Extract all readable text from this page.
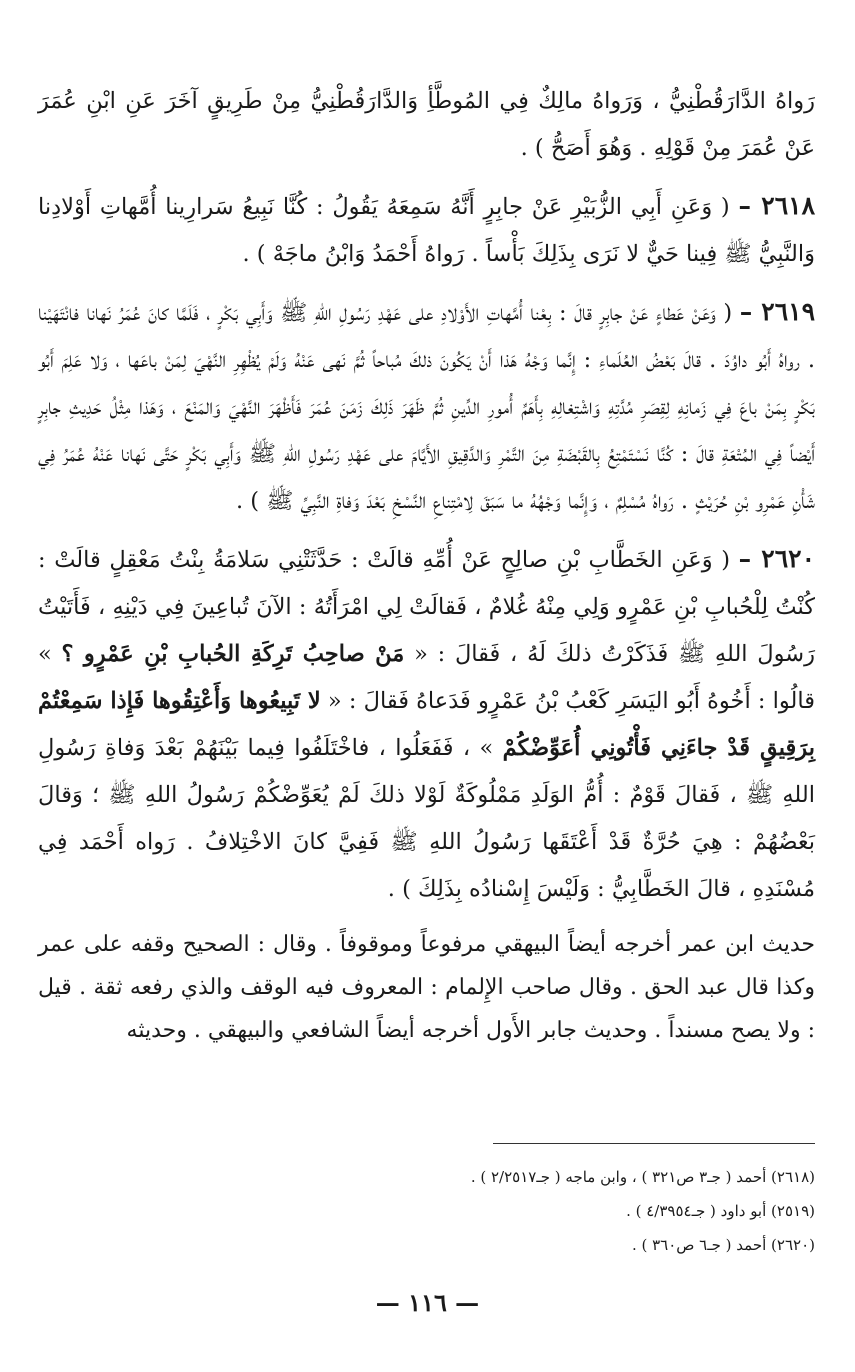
رَواهُ الدَّارَقُطْنِيُّ ، وَرَواهُ مالِكٌ فِي المُوطَّأِ وَالدَّارَقُطْنِيُّ مِنْ طَرِيقٍ آخَرَ عَنِ ابْنِ عُمَرَ عَنْ عُمَرَ مِنْ قَوْلِهِ . وَهُوَ أَصَحُّ ) .

٢٦١٨ – ( وَعَنِ أَبِي الزُّبَيْرِ عَنْ جابِرٍ أَنَّهُ سَمِعَهُ يَقُولُ : كُنَّا نَبِيعُ سَرارِينا أُمَّهاتِ أَوْلادِنا وَالنَّبِيُّ ﷺ فِينا حَيٌّ لا نَرَى بِذَلِكَ بَأْساً . رَواهُ أَحْمَدُ وَابْنُ ماجَهْ ) .

٢٦١٩ – ( وَعَنْ عَطاءٍ عَنْ جابِرٍ قالَ : بِعْنا أُمَّهاتِ الأَوْلادِ على عَهْدِ رَسُولِ اللهِ ﷺ وَأَبِي بَكْرٍ ، فَلَمَّا كانَ عُمَرُ نَهانا فانْتَهَيْنا . رواهُ أَبُو داوُدَ . قالَ بَعْضُ العُلَماءِ : إِنَّما وَجْهُ هَذا أَنْ يَكُونَ ذلكَ مُباحاً ثُمَّ نَهى عَنْهُ وَلَمْ يُظْهِرِ النَّهْيَ لِمَنْ باعَها ، وَلا عَلِمَ أَبُو بَكْرٍ بِمَنْ باعَ فِي زَمانِهِ لِقِصَرِ مُدَّتِهِ وَاشْتِغالِهِ بِأَهَمِّ أُمورِ الدِّينِ ثُمَّ ظَهَرَ ذَلِكَ زَمَنَ عُمَرَ فَأَظْهَرَ النَّهْيَ وَالمَنْعَ ، وَهَذا مِثْلُ حَدِيثِ جابِرٍ أَيْضاً فِي المُتْعَةِ قالَ : كُنَّا نَسْتَمْتِعُ بِالقَبْضَةِ مِنَ التَّمْرِ وَالدَّقِيقِ الأَيَّامَ على عَهْدِ رَسُولِ اللهِ ﷺ وَأَبِي بَكْرٍ حَتَّى نَهانا عَنْهُ عُمَرُ فِي شَأْنِ عَمْرِو بْنِ حُرَيْثٍ . رَواهُ مُسْلِمٌ ، وَإِنَّما وَجْهُهُ ما سَبَقَ لِامْتِناعِ النَّسْخِ بَعْدَ وَفاةِ النَّبِيِّ ﷺ ) .

٢٦٢٠ – ( وَعَنِ الخَطَّابِ بْنِ صالِحٍ عَنْ أُمِّهِ قالَتْ : حَدَّثَتْنِي سَلامَةُ بِنْتُ مَعْقِلٍ قالَتْ : كُنْتُ لِلْحُبابِ بْنِ عَمْرٍو وَلِي مِنْهُ غُلامٌ ، فَقالَتْ لِي امْرَأَتُهُ : الآنَ تُباعِينَ فِي دَيْنِهِ ، فَأَتَيْتُ رَسُولَ اللهِ ﷺ فَذَكَرْتُ ذلكَ لَهُ ، فَقالَ : « مَنْ صاحِبُ تَرِكَةِ الحُبابِ بْنِ عَمْرٍو ؟ » قالُوا : أَخُوهُ أَبُو اليَسَرِ كَعْبُ بْنُ عَمْرٍو فَدَعاهُ فَقالَ : « لا تَبِيعُوها وَأَعْتِقُوها فَإِذا سَمِعْتُمْ بِرَقِيقٍ قَدْ جاءَنِي فَأْتُونِي أُعَوِّضْكُمْ » ، فَفَعَلُوا ، فاخْتَلَفُوا فِيما بَيْنَهُمْ بَعْدَ وَفاةِ رَسُولِ اللهِ ﷺ ، فَقالَ قَوْمٌ : أُمُّ الوَلَدِ مَمْلُوكَةٌ لَوْلا ذلكَ لَمْ يُعَوِّضْكُمْ رَسُولُ اللهِ ﷺ ؛ وَقالَ بَعْضُهُمْ : هِيَ حُرَّةٌ قَدْ أَعْتَقَها رَسُولُ اللهِ ﷺ فَفِيَّ كانَ الاخْتِلافُ . رَواه أَحْمَد فِي مُسْنَدِهِ ، قالَ الخَطَّابِيُّ : وَلَيْسَ إِسْنادُه بِذَلِكَ ) .

حديث ابن عمر أخرجه أيضاً البيهقي مرفوعاً وموقوفاً . وقال : الصحيح وقفه على عمر وكذا قال عبد الحق . وقال صاحب الإِلمام : المعروف فيه الوقف والذي رفعه ثقة . قيل : ولا يصح مسنداً . وحديث جابر الأَول أخرجه أيضاً الشافعي والبيهقي . وحديثه

(٢٦١٨) أحمد ( جـ٣ ص٣٢١ ) ، وابن ماجه ( جـ٢/٢٥١٧ ) .
(٢٥١٩) أبو داود ( جـ٤/٣٩٥٤ ) .
(٢٦٢٠) أحمد ( جـ٦ ص٣٦٠ ) .
— ١١٦ —
